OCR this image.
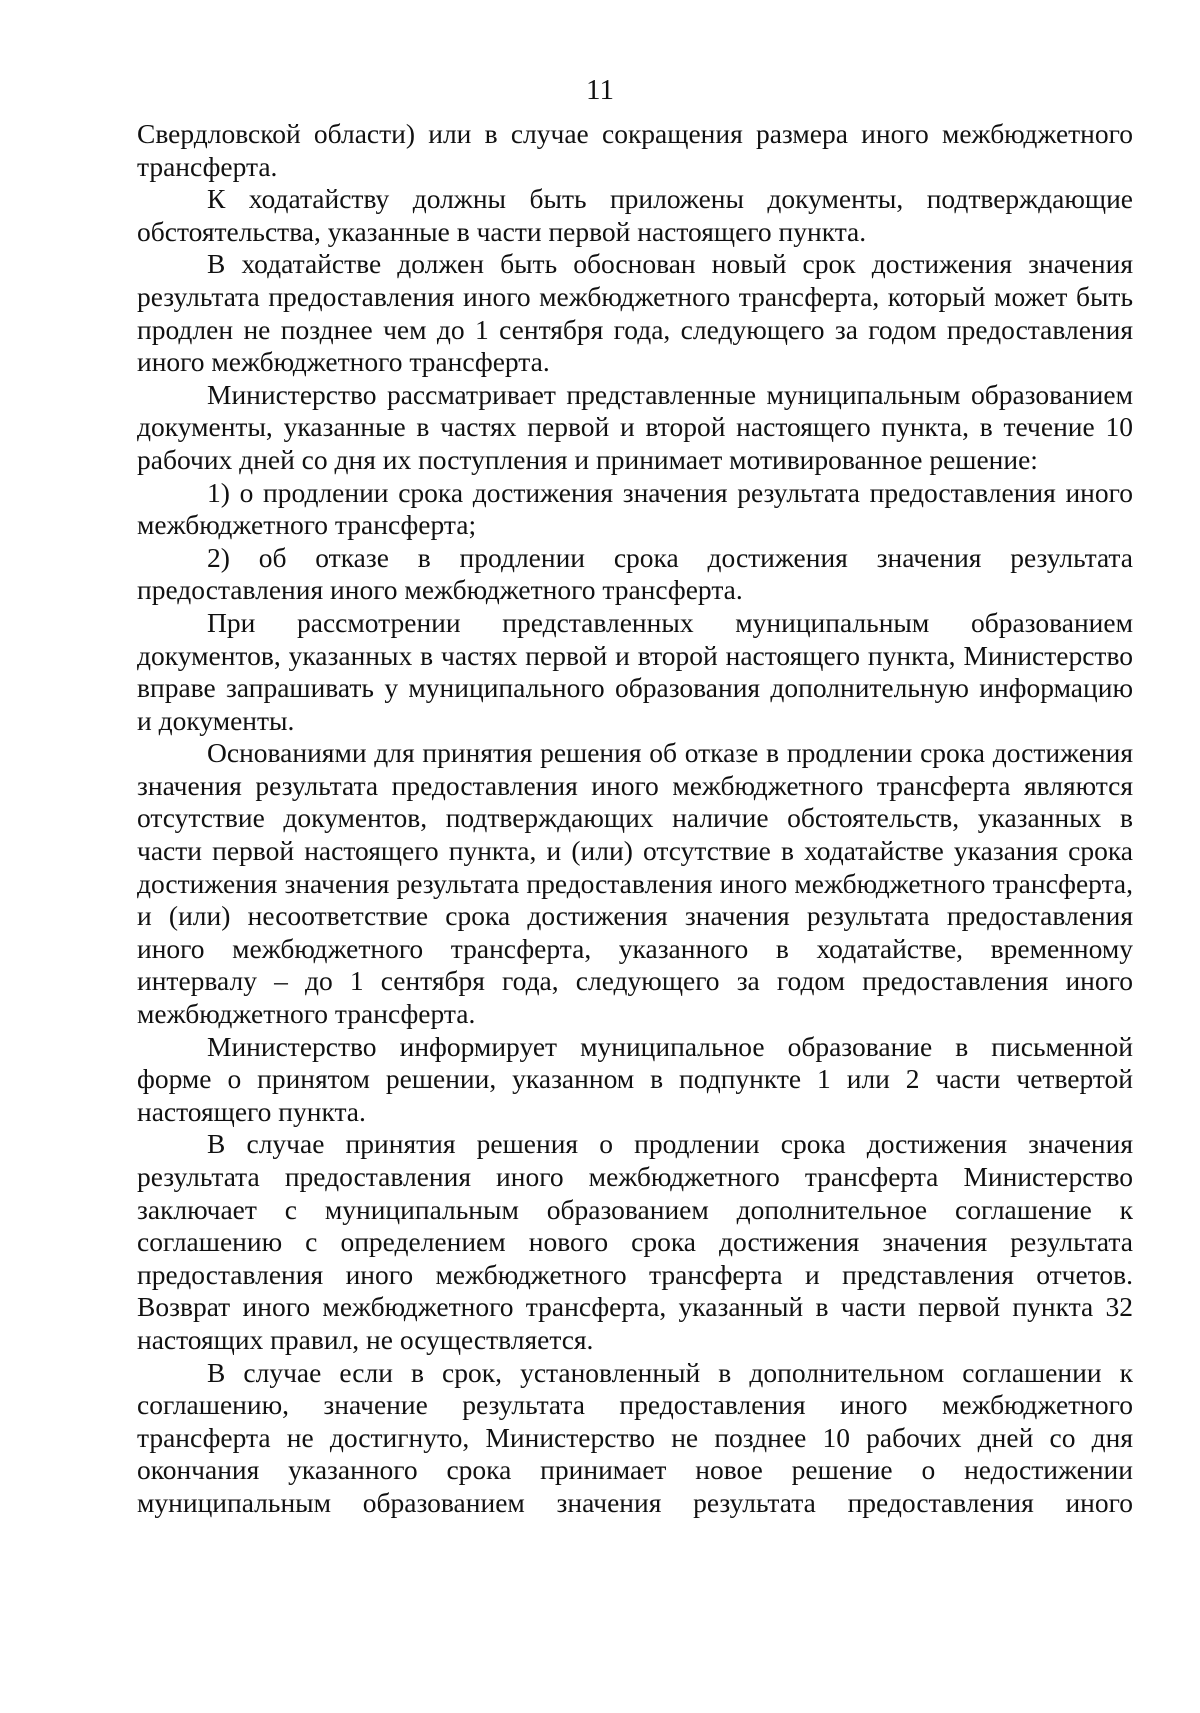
11

Свердловской области) или в случае сокращения размера иного межбюджетного трансферта.

К ходатайству должны быть приложены документы, подтверждающие обстоятельства, указанные в части первой настоящего пункта.

В ходатайстве должен быть обоснован новый срок достижения значения результата предоставления иного межбюджетного трансферта, который может быть продлен не позднее чем до 1 сентября года, следующего за годом предоставления иного межбюджетного трансферта.

Министерство рассматривает представленные муниципальным образованием документы, указанные в частях первой и второй настоящего пункта, в течение 10 рабочих дней со дня их поступления и принимает мотивированное решение:

1) о продлении срока достижения значения результата предоставления иного межбюджетного трансферта;

2) об отказе в продлении срока достижения значения результата предоставления иного межбюджетного трансферта.

При рассмотрении представленных муниципальным образованием документов, указанных в частях первой и второй настоящего пункта, Министерство вправе запрашивать у муниципального образования дополнительную информацию и документы.

Основаниями для принятия решения об отказе в продлении срока достижения значения результата предоставления иного межбюджетного трансферта являются отсутствие документов, подтверждающих наличие обстоятельств, указанных в части первой настоящего пункта, и (или) отсутствие в ходатайстве указания срока достижения значения результата предоставления иного межбюджетного трансферта, и (или) несоответствие срока достижения значения результата предоставления иного межбюджетного трансферта, указанного в ходатайстве, временному интервалу – до 1 сентября года, следующего за годом предоставления иного межбюджетного трансферта.

Министерство информирует муниципальное образование в письменной форме о принятом решении, указанном в подпункте 1 или 2 части четвертой настоящего пункта.

В случае принятия решения о продлении срока достижения значения результата предоставления иного межбюджетного трансферта Министерство заключает с муниципальным образованием дополнительное соглашение к соглашению с определением нового срока достижения значения результата предоставления иного межбюджетного трансферта и представления отчетов. Возврат иного межбюджетного трансферта, указанный в части первой пункта 32 настоящих правил, не осуществляется.

В случае если в срок, установленный в дополнительном соглашении к соглашению, значение результата предоставления иного межбюджетного трансферта не достигнуто, Министерство не позднее 10 рабочих дней со дня окончания указанного срока принимает новое решение о недостижении муниципальным образованием значения результата предоставления иного
